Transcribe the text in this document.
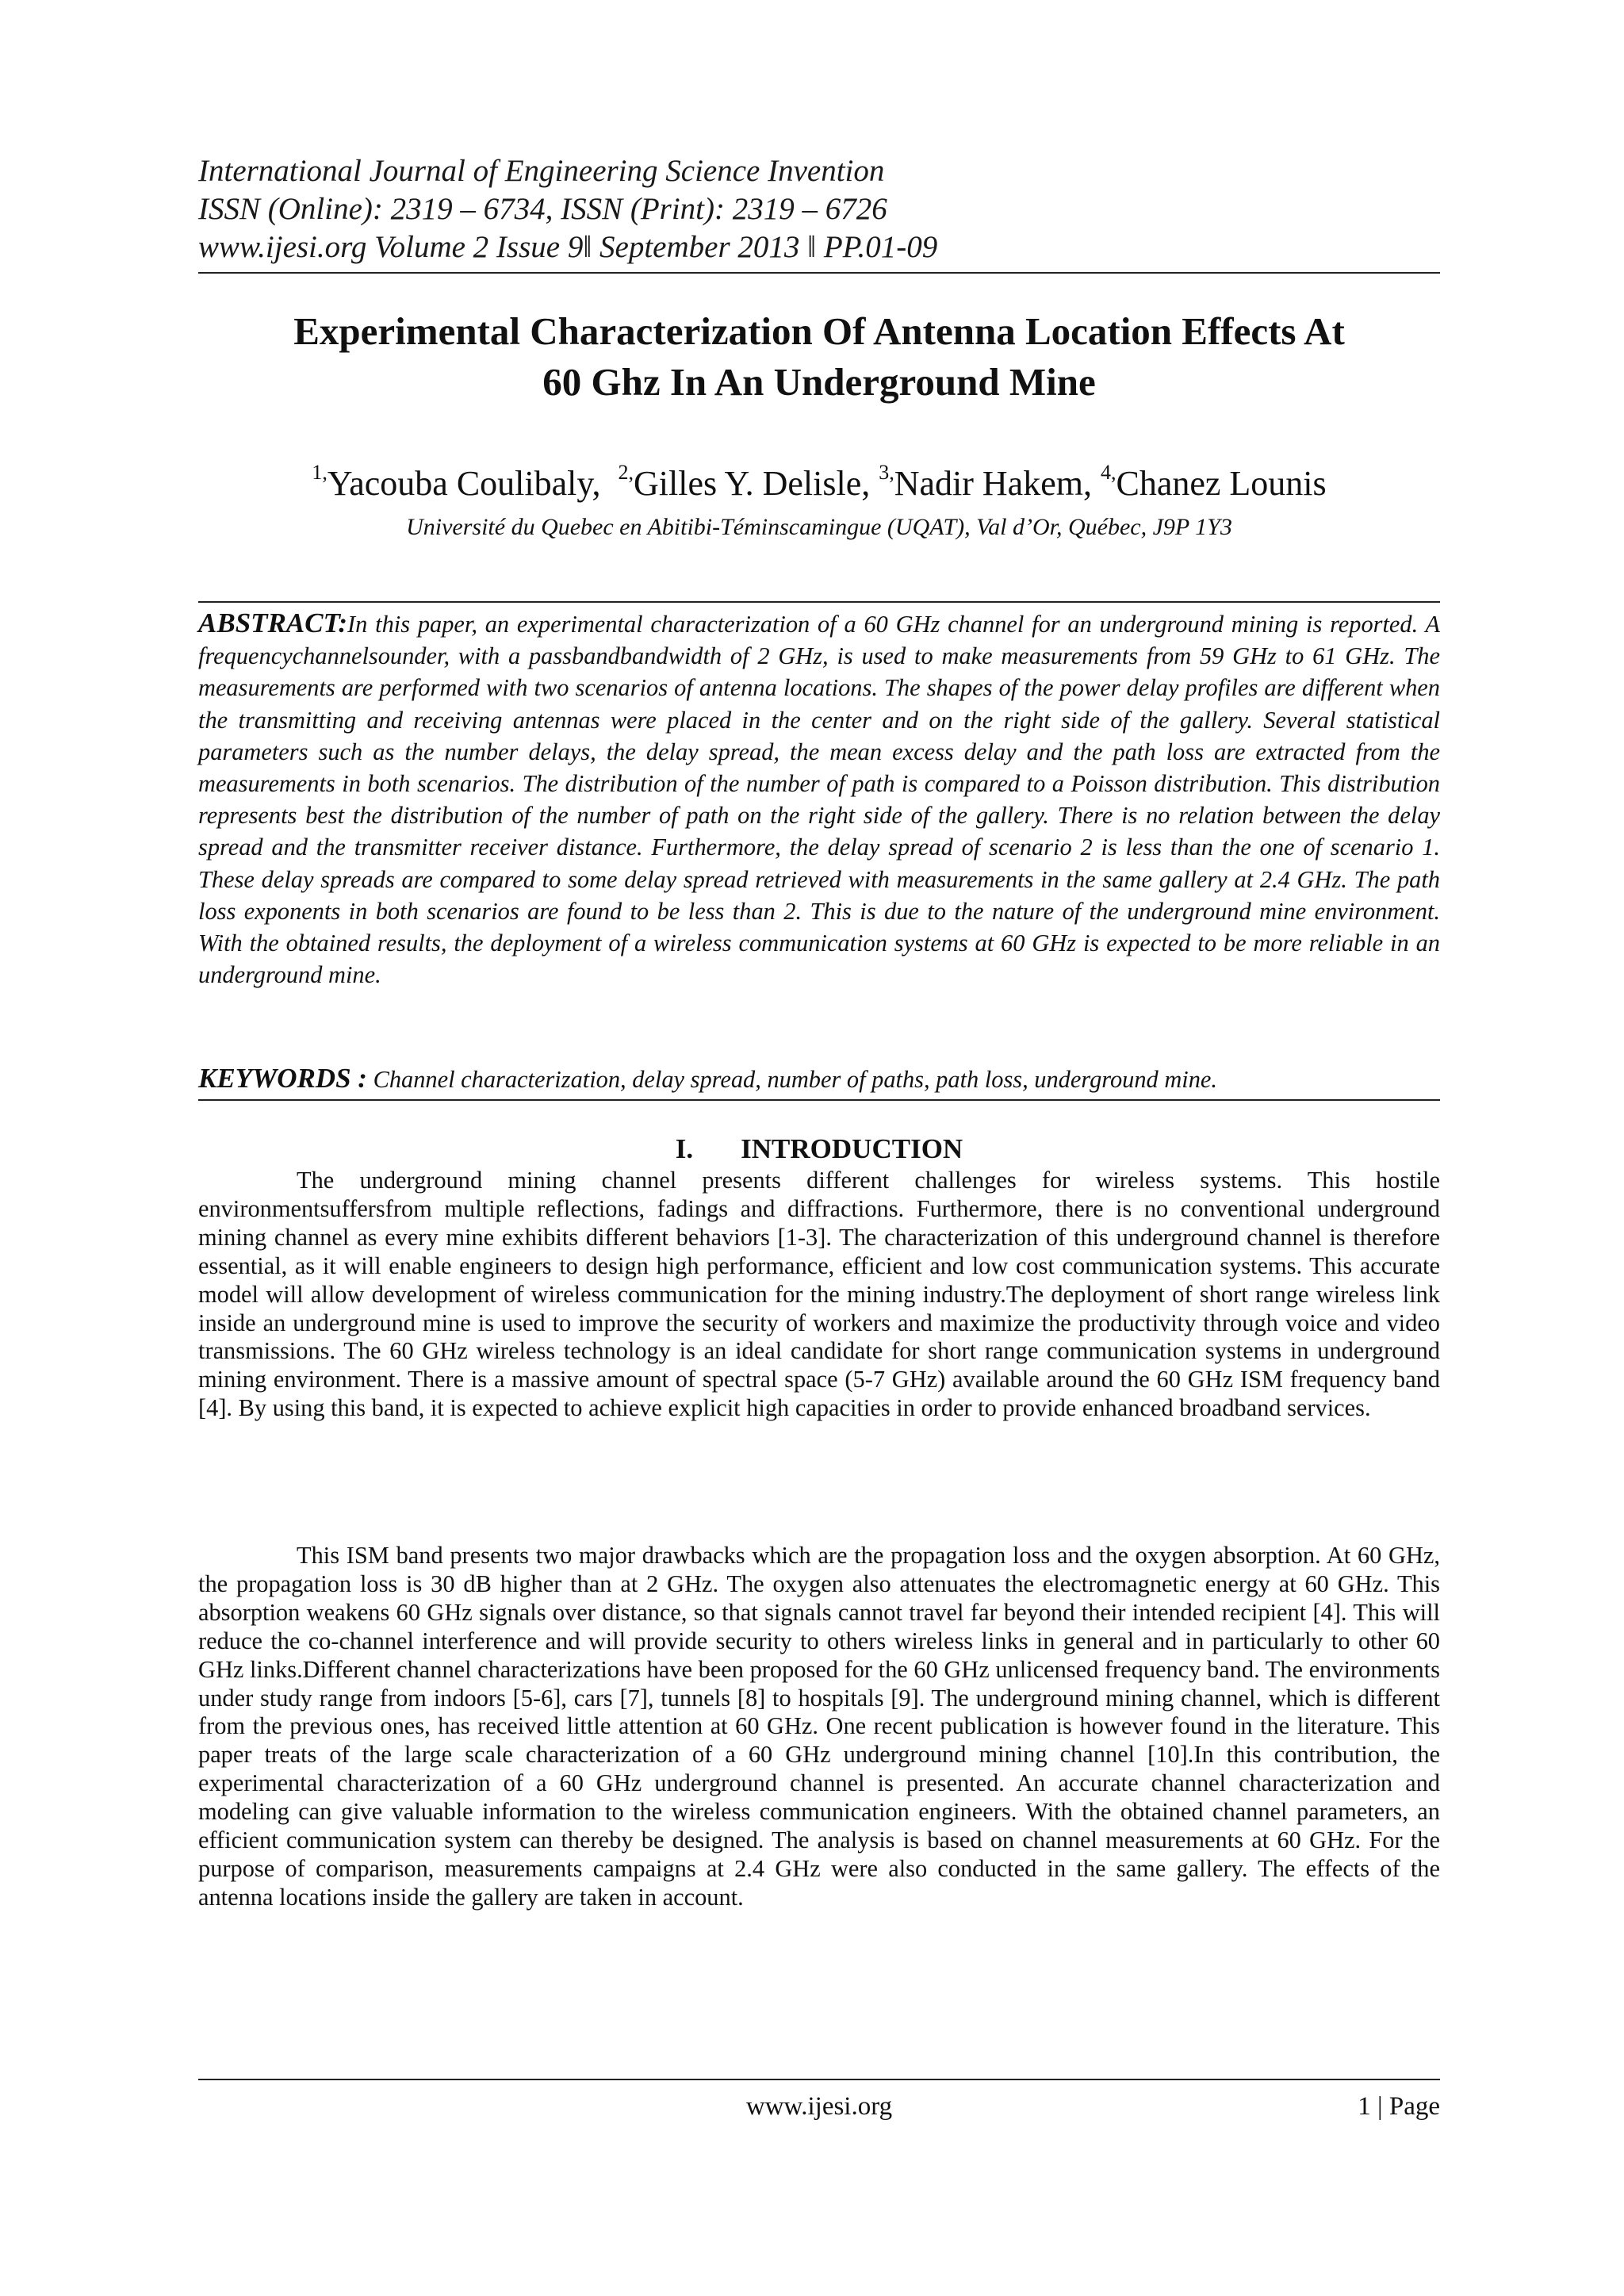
International Journal of Engineering Science Invention
ISSN (Online): 2319 – 6734, ISSN (Print): 2319 – 6726
www.ijesi.org Volume 2 Issue 9‖ September 2013 ‖ PP.01-09
Experimental Characterization Of Antenna Location Effects At
60 Ghz In An Underground Mine
$^{1,}$Yacouba Coulibaly, $^{2,}$Gilles Y. Delisle, $^{3,}$Nadir Hakem, $^{4,}$Chanez Lounis
Université du Quebec en Abitibi-Téminscamingue (UQAT), Val d’Or, Québec, J9P 1Y3
ABSTRACT:In this paper, an experimental characterization of a 60 GHz channel for an underground mining is reported. A frequencychannelsounder, with a passbandbandwidth of 2 GHz, is used to make measurements from 59 GHz to 61 GHz. The measurements are performed with two scenarios of antenna locations. The shapes of the power delay profiles are different when the transmitting and receiving antennas were placed in the center and on the right side of the gallery. Several statistical parameters such as the number delays, the delay spread, the mean excess delay and the path loss are extracted from the measurements in both scenarios. The distribution of the number of path is compared to a Poisson distribution. This distribution represents best the distribution of the number of path on the right side of the gallery. There is no relation between the delay spread and the transmitter receiver distance. Furthermore, the delay spread of scenario 2 is less than the one of scenario 1. These delay spreads are compared to some delay spread retrieved with measurements in the same gallery at 2.4 GHz. The path loss exponents in both scenarios are found to be less than 2. This is due to the nature of the underground mine environment. With the obtained results, the deployment of a wireless communication systems at 60 GHz is expected to be more reliable in an underground mine.
KEYWORDS : Channel characterization, delay spread, number of paths, path loss, underground mine.
I. INTRODUCTION
The underground mining channel presents different challenges for wireless systems. This hostile environmentsuffersfrom multiple reflections, fadings and diffractions. Furthermore, there is no conventional underground mining channel as every mine exhibits different behaviors [1-3]. The characterization of this underground channel is therefore essential, as it will enable engineers to design high performance, efficient and low cost communication systems. This accurate model will allow development of wireless communication for the mining industry.The deployment of short range wireless link inside an underground mine is used to improve the security of workers and maximize the productivity through voice and video transmissions. The 60 GHz wireless technology is an ideal candidate for short range communication systems in underground mining environment. There is a massive amount of spectral space (5-7 GHz) available around the 60 GHz ISM frequency band [4]. By using this band, it is expected to achieve explicit high capacities in order to provide enhanced broadband services.
This ISM band presents two major drawbacks which are the propagation loss and the oxygen absorption. At 60 GHz, the propagation loss is 30 dB higher than at 2 GHz. The oxygen also attenuates the electromagnetic energy at 60 GHz. This absorption weakens 60 GHz signals over distance, so that signals cannot travel far beyond their intended recipient [4]. This will reduce the co-channel interference and will provide security to others wireless links in general and in particularly to other 60 GHz links.Different channel characterizations have been proposed for the 60 GHz unlicensed frequency band. The environments under study range from indoors [5-6], cars [7], tunnels [8] to hospitals [9]. The underground mining channel, which is different from the previous ones, has received little attention at 60 GHz. One recent publication is however found in the literature. This paper treats of the large scale characterization of a 60 GHz underground mining channel [10].In this contribution, the experimental characterization of a 60 GHz underground channel is presented. An accurate channel characterization and modeling can give valuable information to the wireless communication engineers. With the obtained channel parameters, an efficient communication system can thereby be designed. The analysis is based on channel measurements at 60 GHz. For the purpose of comparison, measurements campaigns at 2.4 GHz were also conducted in the same gallery. The effects of the antenna locations inside the gallery are taken in account.
www.ijesi.org	1 | Page
